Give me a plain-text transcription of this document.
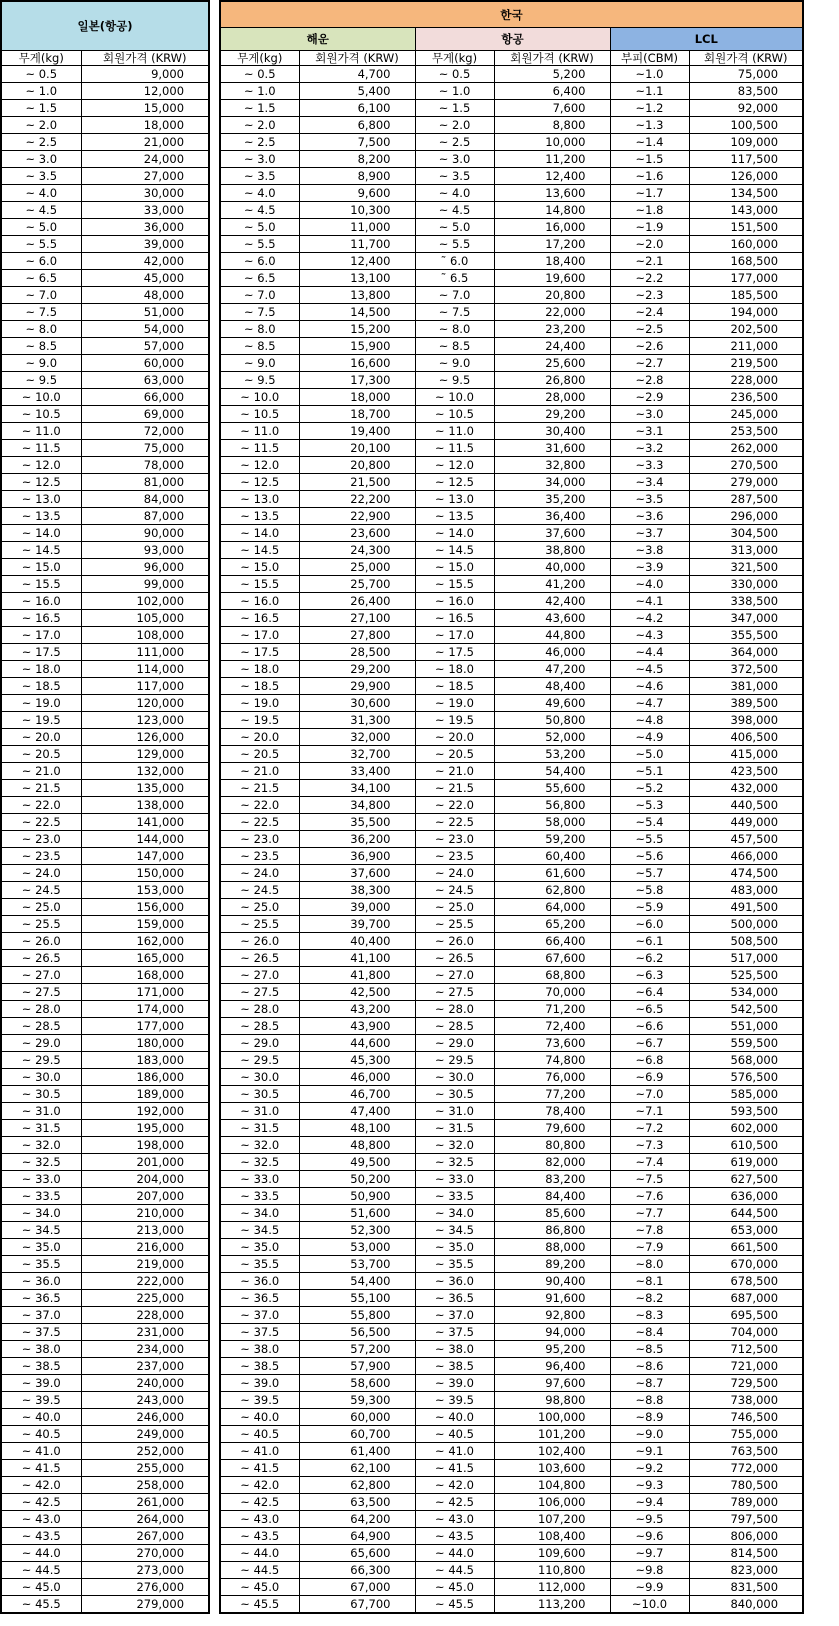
일본(항공)	
무게(kg)	회원가격 (KRW)
~ 0.5	9,000
~ 1.0	12,000
~ 1.5	15,000
~ 2.0	18,000
~ 2.5	21,000
~ 3.0	24,000
~ 3.5	27,000
~ 4.0	30,000
~ 4.5	33,000
~ 5.0	36,000
~ 5.5	39,000
~ 6.0	42,000
~ 6.5	45,000
~ 7.0	48,000
~ 7.5	51,000
~ 8.0	54,000
~ 8.5	57,000
~ 9.0	60,000
~ 9.5	63,000
~ 10.0	66,000
~ 10.5	69,000
~ 11.0	72,000
~ 11.5	75,000
~ 12.0	78,000
~ 12.5	81,000
~ 13.0	84,000
~ 13.5	87,000
~ 14.0	90,000
~ 14.5	93,000
~ 15.0	96,000
~ 15.5	99,000
~ 16.0	102,000
~ 16.5	105,000
~ 17.0	108,000
~ 17.5	111,000
~ 18.0	114,000
~ 18.5	117,000
~ 19.0	120,000
~ 19.5	123,000
~ 20.0	126,000
~ 20.5	129,000
~ 21.0	132,000
~ 21.5	135,000
~ 22.0	138,000
~ 22.5	141,000
~ 23.0	144,000
~ 23.5	147,000
~ 24.0	150,000
~ 24.5	153,000
~ 25.0	156,000
~ 25.5	159,000
~ 26.0	162,000
~ 26.5	165,000
~ 27.0	168,000
~ 27.5	171,000
~ 28.0	174,000
~ 28.5	177,000
~ 29.0	180,000
~ 29.5	183,000
~ 30.0	186,000
~ 30.5	189,000
~ 31.0	192,000
~ 31.5	195,000
~ 32.0	198,000
~ 32.5	201,000
~ 33.0	204,000
~ 33.5	207,000
~ 34.0	210,000
~ 34.5	213,000
~ 35.0	216,000
~ 35.5	219,000
~ 36.0	222,000
~ 36.5	225,000
~ 37.0	228,000
~ 37.5	231,000
~ 38.0	234,000
~ 38.5	237,000
~ 39.0	240,000
~ 39.5	243,000
~ 40.0	246,000
~ 40.5	249,000
~ 41.0	252,000
~ 41.5	255,000
~ 42.0	258,000
~ 42.5	261,000
~ 43.0	264,000
~ 43.5	267,000
~ 44.0	270,000
~ 44.5	273,000
~ 45.0	276,000
~ 45.5	279,000
한국					
해운		항공		LCL	
무게(kg)	회원가격 (KRW)	무게(kg)	회원가격 (KRW)	부피(CBM)	회원가격 (KRW)
~ 0.5	4,700	~ 0.5	5,200	~1.0	75,000
~ 1.0	5,400	~ 1.0	6,400	~1.1	83,500
~ 1.5	6,100	~ 1.5	7,600	~1.2	92,000
~ 2.0	6,800	~ 2.0	8,800	~1.3	100,500
~ 2.5	7,500	~ 2.5	10,000	~1.4	109,000
~ 3.0	8,200	~ 3.0	11,200	~1.5	117,500
~ 3.5	8,900	~ 3.5	12,400	~1.6	126,000
~ 4.0	9,600	~ 4.0	13,600	~1.7	134,500
~ 4.5	10,300	~ 4.5	14,800	~1.8	143,000
~ 5.0	11,000	~ 5.0	16,000	~1.9	151,500
~ 5.5	11,700	~ 5.5	17,200	~2.0	160,000
~ 6.0	12,400	˜ 6.0	18,400	~2.1	168,500
~ 6.5	13,100	˜ 6.5	19,600	~2.2	177,000
~ 7.0	13,800	~ 7.0	20,800	~2.3	185,500
~ 7.5	14,500	~ 7.5	22,000	~2.4	194,000
~ 8.0	15,200	~ 8.0	23,200	~2.5	202,500
~ 8.5	15,900	~ 8.5	24,400	~2.6	211,000
~ 9.0	16,600	~ 9.0	25,600	~2.7	219,500
~ 9.5	17,300	~ 9.5	26,800	~2.8	228,000
~ 10.0	18,000	~ 10.0	28,000	~2.9	236,500
~ 10.5	18,700	~ 10.5	29,200	~3.0	245,000
~ 11.0	19,400	~ 11.0	30,400	~3.1	253,500
~ 11.5	20,100	~ 11.5	31,600	~3.2	262,000
~ 12.0	20,800	~ 12.0	32,800	~3.3	270,500
~ 12.5	21,500	~ 12.5	34,000	~3.4	279,000
~ 13.0	22,200	~ 13.0	35,200	~3.5	287,500
~ 13.5	22,900	~ 13.5	36,400	~3.6	296,000
~ 14.0	23,600	~ 14.0	37,600	~3.7	304,500
~ 14.5	24,300	~ 14.5	38,800	~3.8	313,000
~ 15.0	25,000	~ 15.0	40,000	~3.9	321,500
~ 15.5	25,700	~ 15.5	41,200	~4.0	330,000
~ 16.0	26,400	~ 16.0	42,400	~4.1	338,500
~ 16.5	27,100	~ 16.5	43,600	~4.2	347,000
~ 17.0	27,800	~ 17.0	44,800	~4.3	355,500
~ 17.5	28,500	~ 17.5	46,000	~4.4	364,000
~ 18.0	29,200	~ 18.0	47,200	~4.5	372,500
~ 18.5	29,900	~ 18.5	48,400	~4.6	381,000
~ 19.0	30,600	~ 19.0	49,600	~4.7	389,500
~ 19.5	31,300	~ 19.5	50,800	~4.8	398,000
~ 20.0	32,000	~ 20.0	52,000	~4.9	406,500
~ 20.5	32,700	~ 20.5	53,200	~5.0	415,000
~ 21.0	33,400	~ 21.0	54,400	~5.1	423,500
~ 21.5	34,100	~ 21.5	55,600	~5.2	432,000
~ 22.0	34,800	~ 22.0	56,800	~5.3	440,500
~ 22.5	35,500	~ 22.5	58,000	~5.4	449,000
~ 23.0	36,200	~ 23.0	59,200	~5.5	457,500
~ 23.5	36,900	~ 23.5	60,400	~5.6	466,000
~ 24.0	37,600	~ 24.0	61,600	~5.7	474,500
~ 24.5	38,300	~ 24.5	62,800	~5.8	483,000
~ 25.0	39,000	~ 25.0	64,000	~5.9	491,500
~ 25.5	39,700	~ 25.5	65,200	~6.0	500,000
~ 26.0	40,400	~ 26.0	66,400	~6.1	508,500
~ 26.5	41,100	~ 26.5	67,600	~6.2	517,000
~ 27.0	41,800	~ 27.0	68,800	~6.3	525,500
~ 27.5	42,500	~ 27.5	70,000	~6.4	534,000
~ 28.0	43,200	~ 28.0	71,200	~6.5	542,500
~ 28.5	43,900	~ 28.5	72,400	~6.6	551,000
~ 29.0	44,600	~ 29.0	73,600	~6.7	559,500
~ 29.5	45,300	~ 29.5	74,800	~6.8	568,000
~ 30.0	46,000	~ 30.0	76,000	~6.9	576,500
~ 30.5	46,700	~ 30.5	77,200	~7.0	585,000
~ 31.0	47,400	~ 31.0	78,400	~7.1	593,500
~ 31.5	48,100	~ 31.5	79,600	~7.2	602,000
~ 32.0	48,800	~ 32.0	80,800	~7.3	610,500
~ 32.5	49,500	~ 32.5	82,000	~7.4	619,000
~ 33.0	50,200	~ 33.0	83,200	~7.5	627,500
~ 33.5	50,900	~ 33.5	84,400	~7.6	636,000
~ 34.0	51,600	~ 34.0	85,600	~7.7	644,500
~ 34.5	52,300	~ 34.5	86,800	~7.8	653,000
~ 35.0	53,000	~ 35.0	88,000	~7.9	661,500
~ 35.5	53,700	~ 35.5	89,200	~8.0	670,000
~ 36.0	54,400	~ 36.0	90,400	~8.1	678,500
~ 36.5	55,100	~ 36.5	91,600	~8.2	687,000
~ 37.0	55,800	~ 37.0	92,800	~8.3	695,500
~ 37.5	56,500	~ 37.5	94,000	~8.4	704,000
~ 38.0	57,200	~ 38.0	95,200	~8.5	712,500
~ 38.5	57,900	~ 38.5	96,400	~8.6	721,000
~ 39.0	58,600	~ 39.0	97,600	~8.7	729,500
~ 39.5	59,300	~ 39.5	98,800	~8.8	738,000
~ 40.0	60,000	~ 40.0	100,000	~8.9	746,500
~ 40.5	60,700	~ 40.5	101,200	~9.0	755,000
~ 41.0	61,400	~ 41.0	102,400	~9.1	763,500
~ 41.5	62,100	~ 41.5	103,600	~9.2	772,000
~ 42.0	62,800	~ 42.0	104,800	~9.3	780,500
~ 42.5	63,500	~ 42.5	106,000	~9.4	789,000
~ 43.0	64,200	~ 43.0	107,200	~9.5	797,500
~ 43.5	64,900	~ 43.5	108,400	~9.6	806,000
~ 44.0	65,600	~ 44.0	109,600	~9.7	814,500
~ 44.5	66,300	~ 44.5	110,800	~9.8	823,000
~ 45.0	67,000	~ 45.0	112,000	~9.9	831,500
~ 45.5	67,700	~ 45.5	113,200	~10.0	840,000
